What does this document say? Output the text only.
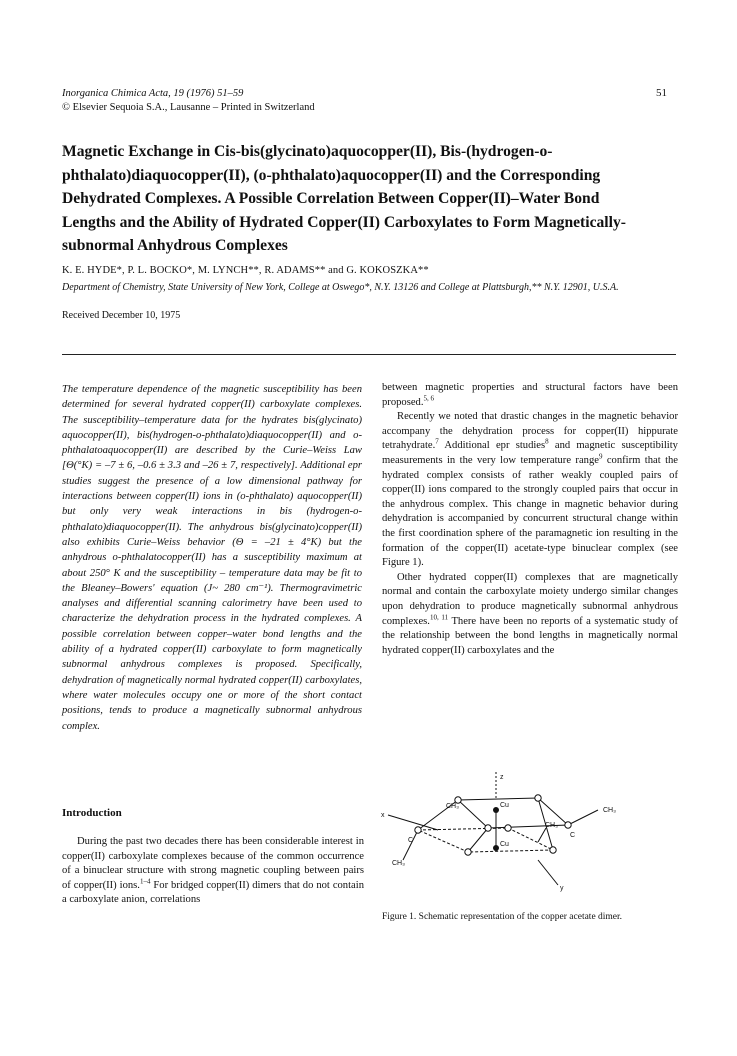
Inorganica Chimica Acta, 19 (1976) 51–59
© Elsevier Sequoia S.A., Lausanne – Printed in Switzerland
51
Magnetic Exchange in Cis-bis(glycinato)aquocopper(II), Bis-(hydrogen-o-phthalato)diaquocopper(II), (o-phthalato)aquocopper(II) and the Corresponding Dehydrated Complexes. A Possible Correlation Between Copper(II)–Water Bond Lengths and the Ability of Hydrated Copper(II) Carboxylates to Form Magnetically-subnormal Anhydrous Complexes
K. E. HYDE*, P. L. BOCKO*, M. LYNCH**, R. ADAMS** and G. KOKOSZKA**
Department of Chemistry, State University of New York, College at Oswego*, N.Y. 13126 and College at Plattsburgh,** N.Y. 12901, U.S.A.
Received December 10, 1975

The temperature dependence of the magnetic susceptibility has been determined for several hydrated copper(II) carboxylate complexes. The susceptibility–temperature data for the hydrates bis(glycinato) aquocopper(II), bis(hydrogen-o-phthalato)diaquocopper(II) and o-phthalatoaquocopper(II) are described by the Curie–Weiss Law [Θ(°K) = –7 ± 6, –0.6 ± 3.3 and –26 ± 7, respectively]. Additional epr studies suggest the presence of a low dimensional pathway for interactions between copper(II) ions in (o-phthalato) aquocopper(II) but only very weak interactions in bis (hydrogen-o-phthalato)diaquocopper(II). The anhydrous bis(glycinato)copper(II) also exhibits Curie–Weiss behavior (Θ = –21 ± 4°K) but the anhydrous o-phthalatocopper(II) has a susceptibility maximum at about 250° K and the susceptibility – temperature data may be fit to the Bleaney–Bowers' equation (J~ 280 cm⁻¹). Thermogravimetric analyses and differential scanning calorimetry have been used to characterize the dehydration process in the hydrated complexes. A possible correlation between copper–water bond lengths and the ability of a hydrated copper(II) carboxylate to form magnetically subnormal anhydrous complexes is proposed. Specifically, dehydration of magnetically normal hydrated copper(II) carboxylates, where water molecules occupy one or more of the short contact positions, tends to produce a magnetically subnormal anhydrous complex.

Introduction

During the past two decades there has been considerable interest in copper(II) carboxylate complexes because of the common occurrence of a binuclear structure with strong magnetic coupling between pairs of copper(II) ions.$^{1-4}$ For bridged copper(II) dimers that do not contain a carboxylate anion, correlations

between magnetic properties and structural factors have been proposed.$^{5, 6}$

Recently we noted that drastic changes in the magnetic behavior accompany the dehydration process for copper(II) hippurate tetrahydrate.$^7$ Additional epr studies$^8$ and magnetic susceptibility measurements in the very low temperature range$^9$ confirm that the hydrated complex consists of rather weakly coupled pairs of copper(II) ions compared to the strongly coupled pairs that occur in the anhydrous complex. This change in magnetic behavior during dehydration is accompanied by concurrent structural change within the first coordination sphere of the paramagnetic ion resulting in the formation of the copper(II) acetate-type binuclear complex (see Figure 1).

Other hydrated copper(II) complexes that are magnetically normal and contain the carboxylate moiety undergo similar changes upon dehydration to produce magnetically subnormal anhydrous complexes.$^{10, 11}$ There have been no reports of a systematic study of the relationship between the bond lengths in magnetically normal hydrated copper(II) carboxylates and the

z
x
y
Cu
Cu
CH₃
CH₃
CH₃
CH₃
C
C
Figure 1. Schematic representation of the copper acetate dimer.
